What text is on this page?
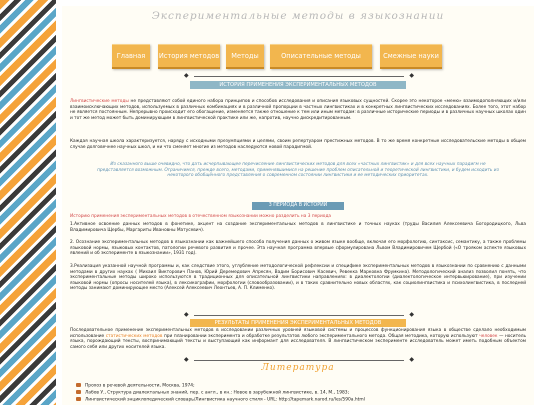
Экспериментальные методы в языкознании
Главная	История методов	Методы	Описательные методы	Смежные науки
◆	◆
ИСТОРИЯ ПРИМЕНЕНИЯ ЭКСПЕРИМЕНТАЛЬНЫХ МЕТОДОВ
Лингвистические методы не представляют собой единого набора принципов и способов исследования и описания языковых сущностей. Скорее это некоторое «меню» взаимодополняющих и/или взаимоисключающих методов, используемых в различных комбинациях и в различной пропорции в частных лингвистиках и в конкретных лингвистических исследованиях. Более того, этот набор не является постоянным. Непрерывно происходит его обогащение, изменяется также отношение к тем или иным методам: в различные исторические периоды и в различных научных школах один и тот же метод может быть доминирующим в лингвистической практике или же, напротив, научно дискредитированным.
Каждая научная школа характеризуется, наряду с исходными презумпциями и целями, своим репертуаром престижных методов. В то же время конкретные исследовательские методы в общем случае долговечнее научных школ, и ни что сменяет многие из методов наследуются новой парадигмой.
Из сказанного выше очевидно, что дать исчерпывающее перечисление лингвистических методов для всех «частных лингвистик» и для всех научных парадигм не представляется возможным. Ограничимся, прежде всего, методами, применявшимися на решение проблем описательной и теоретической лингвистики, и будем исходить из некоторого обобщённого представления о современном состоянии лингвистики и ее методических приоритетах.
3 ПЕРИОДА В ИСТОРИИ
Историю применения экспериментальных методов в отечественном языкознании можно разделить на 3 периода
1.Активное освоение данных методов в фонетике, акцент на создание экспериментальных методов в лингвистике и точных науках (труды Василия Алексеевича Богородицкого, Льва Владимировича Щербы, Маргариты Ивановны Матусевич).
2. Осознание экспериментальных методов в языкознании как важнейшего способа получения данных о живом языке вообще, включая его морфологию, синтаксис, семантику, а также проблемы языковой нормы, языковых контактов, патологии речевого развития и прочее. Эта научная программа впервые сформулирована Львом Владимировичем Щербой («О трояком аспекте языковых явлений и об эксперименте в языкознании», 1931 год).
3.Реализация указанной научной программы и, как следствие этого, углубление методологической рефлексии и специфике экспериментальных методов в языкознании по сравнению с данными методами в других науках ( Михаил Викторович Панов, Юрий Деремедович Апресян, Вадим Борисович Касевич, Ревекка Марковна Фрумкина). Методологический анализ позволил понять, что экспериментальные методы широко используются в традиционных для описательной лингвистики направлениях: в диалектологии (диалектологическое интервьюирование), при изучении языковой нормы (опросы носителей языка), в лексикографии, морфологии (словообразовании), и в таких сравнительно новых областях, как социолингвистика и психолингвистика, в последней методы занимают доминирующее место (Алексей Алексеевич Леонтьев, А. П. Клименко).
◆	◆
РЕЗУЛЬТАТЫ ПРИМЕНЕНИЯ ЭКСПЕРИМЕНТАЛЬНЫХ МЕТОДОВ
Последовательное применение экспериментальных методов в исследовании различных уровней языковой системы и процессов функционирования языка в обществе сделало необходимым использование статистических методов при планировании эксперимента и обработке результатов любого экспериментального метода. Общая методика, которую используют человек — носитель языка, порождающий тексты, воспринимающий тексты и выступающий как информант для исследователя. В лингвистическом эксперименте исследователь может иметь подобным объектом самого себя или других носителей языка.
◆	◆
Литература
Прохоз в речевой деятельности, Москва, 1974;
Лабов У., Структура диалектальных знаний, пер. с англ., в кн.: Новое в зарубежной лингвистике, в. 14, М., 1983;
Лингвистический энциклопедический словарь/Лингвистика научного стиля - URL: http://tapemark.narod.ru/les/590a.html
